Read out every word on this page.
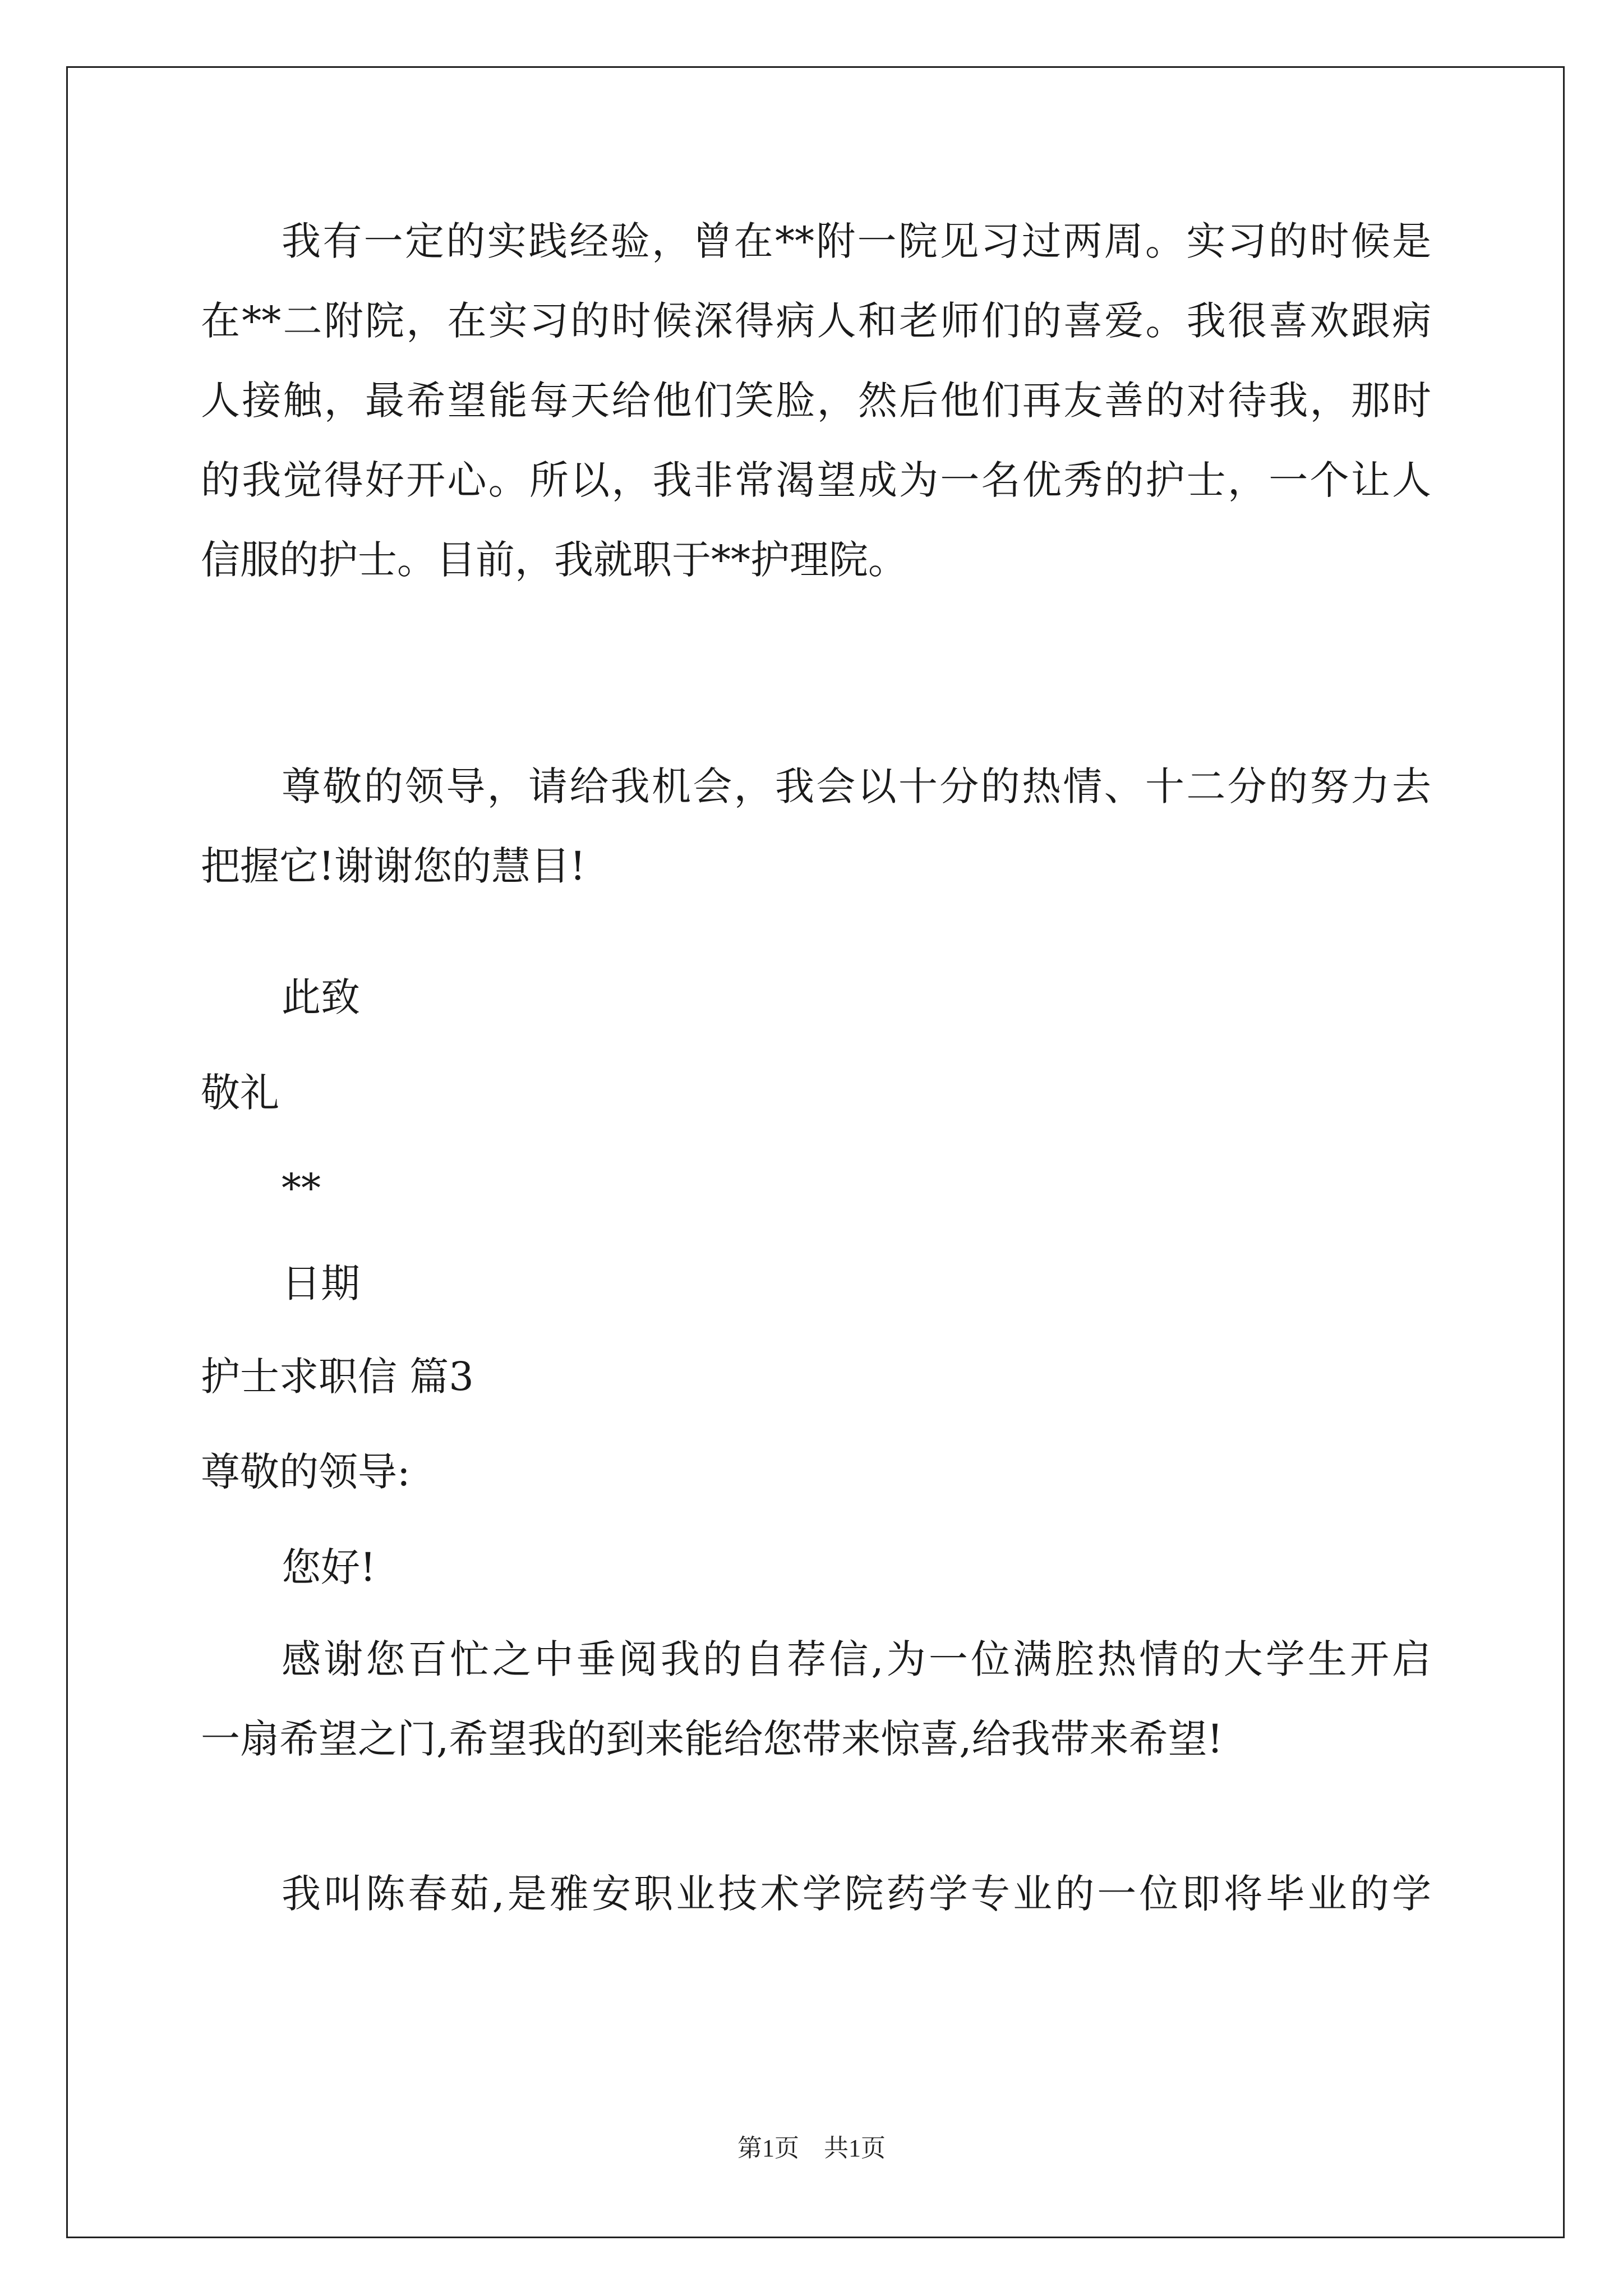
我有一定的实践经验，曾在**附一院见习过两周。实习的时候是
在**二附院，在实习的时候深得病人和老师们的喜爱。我很喜欢跟病
人接触，最希望能每天给他们笑脸，然后他们再友善的对待我，那时
的我觉得好开心。所以，我非常渴望成为一名优秀的护士，一个让人
信服的护士。目前，我就职于**护理院。
尊敬的领导，请给我机会，我会以十分的热情、十二分的努力去
把握它!谢谢您的慧目!
此致
敬礼
**
日期
护士求职信 篇3
尊敬的领导:
您好!
感谢您百忙之中垂阅我的自荐信,为一位满腔热情的大学生开启
一扇希望之门,希望我的到来能给您带来惊喜,给我带来希望!
我叫陈春茹,是雅安职业技术学院药学专业的一位即将毕业的学
第1页　共1页
